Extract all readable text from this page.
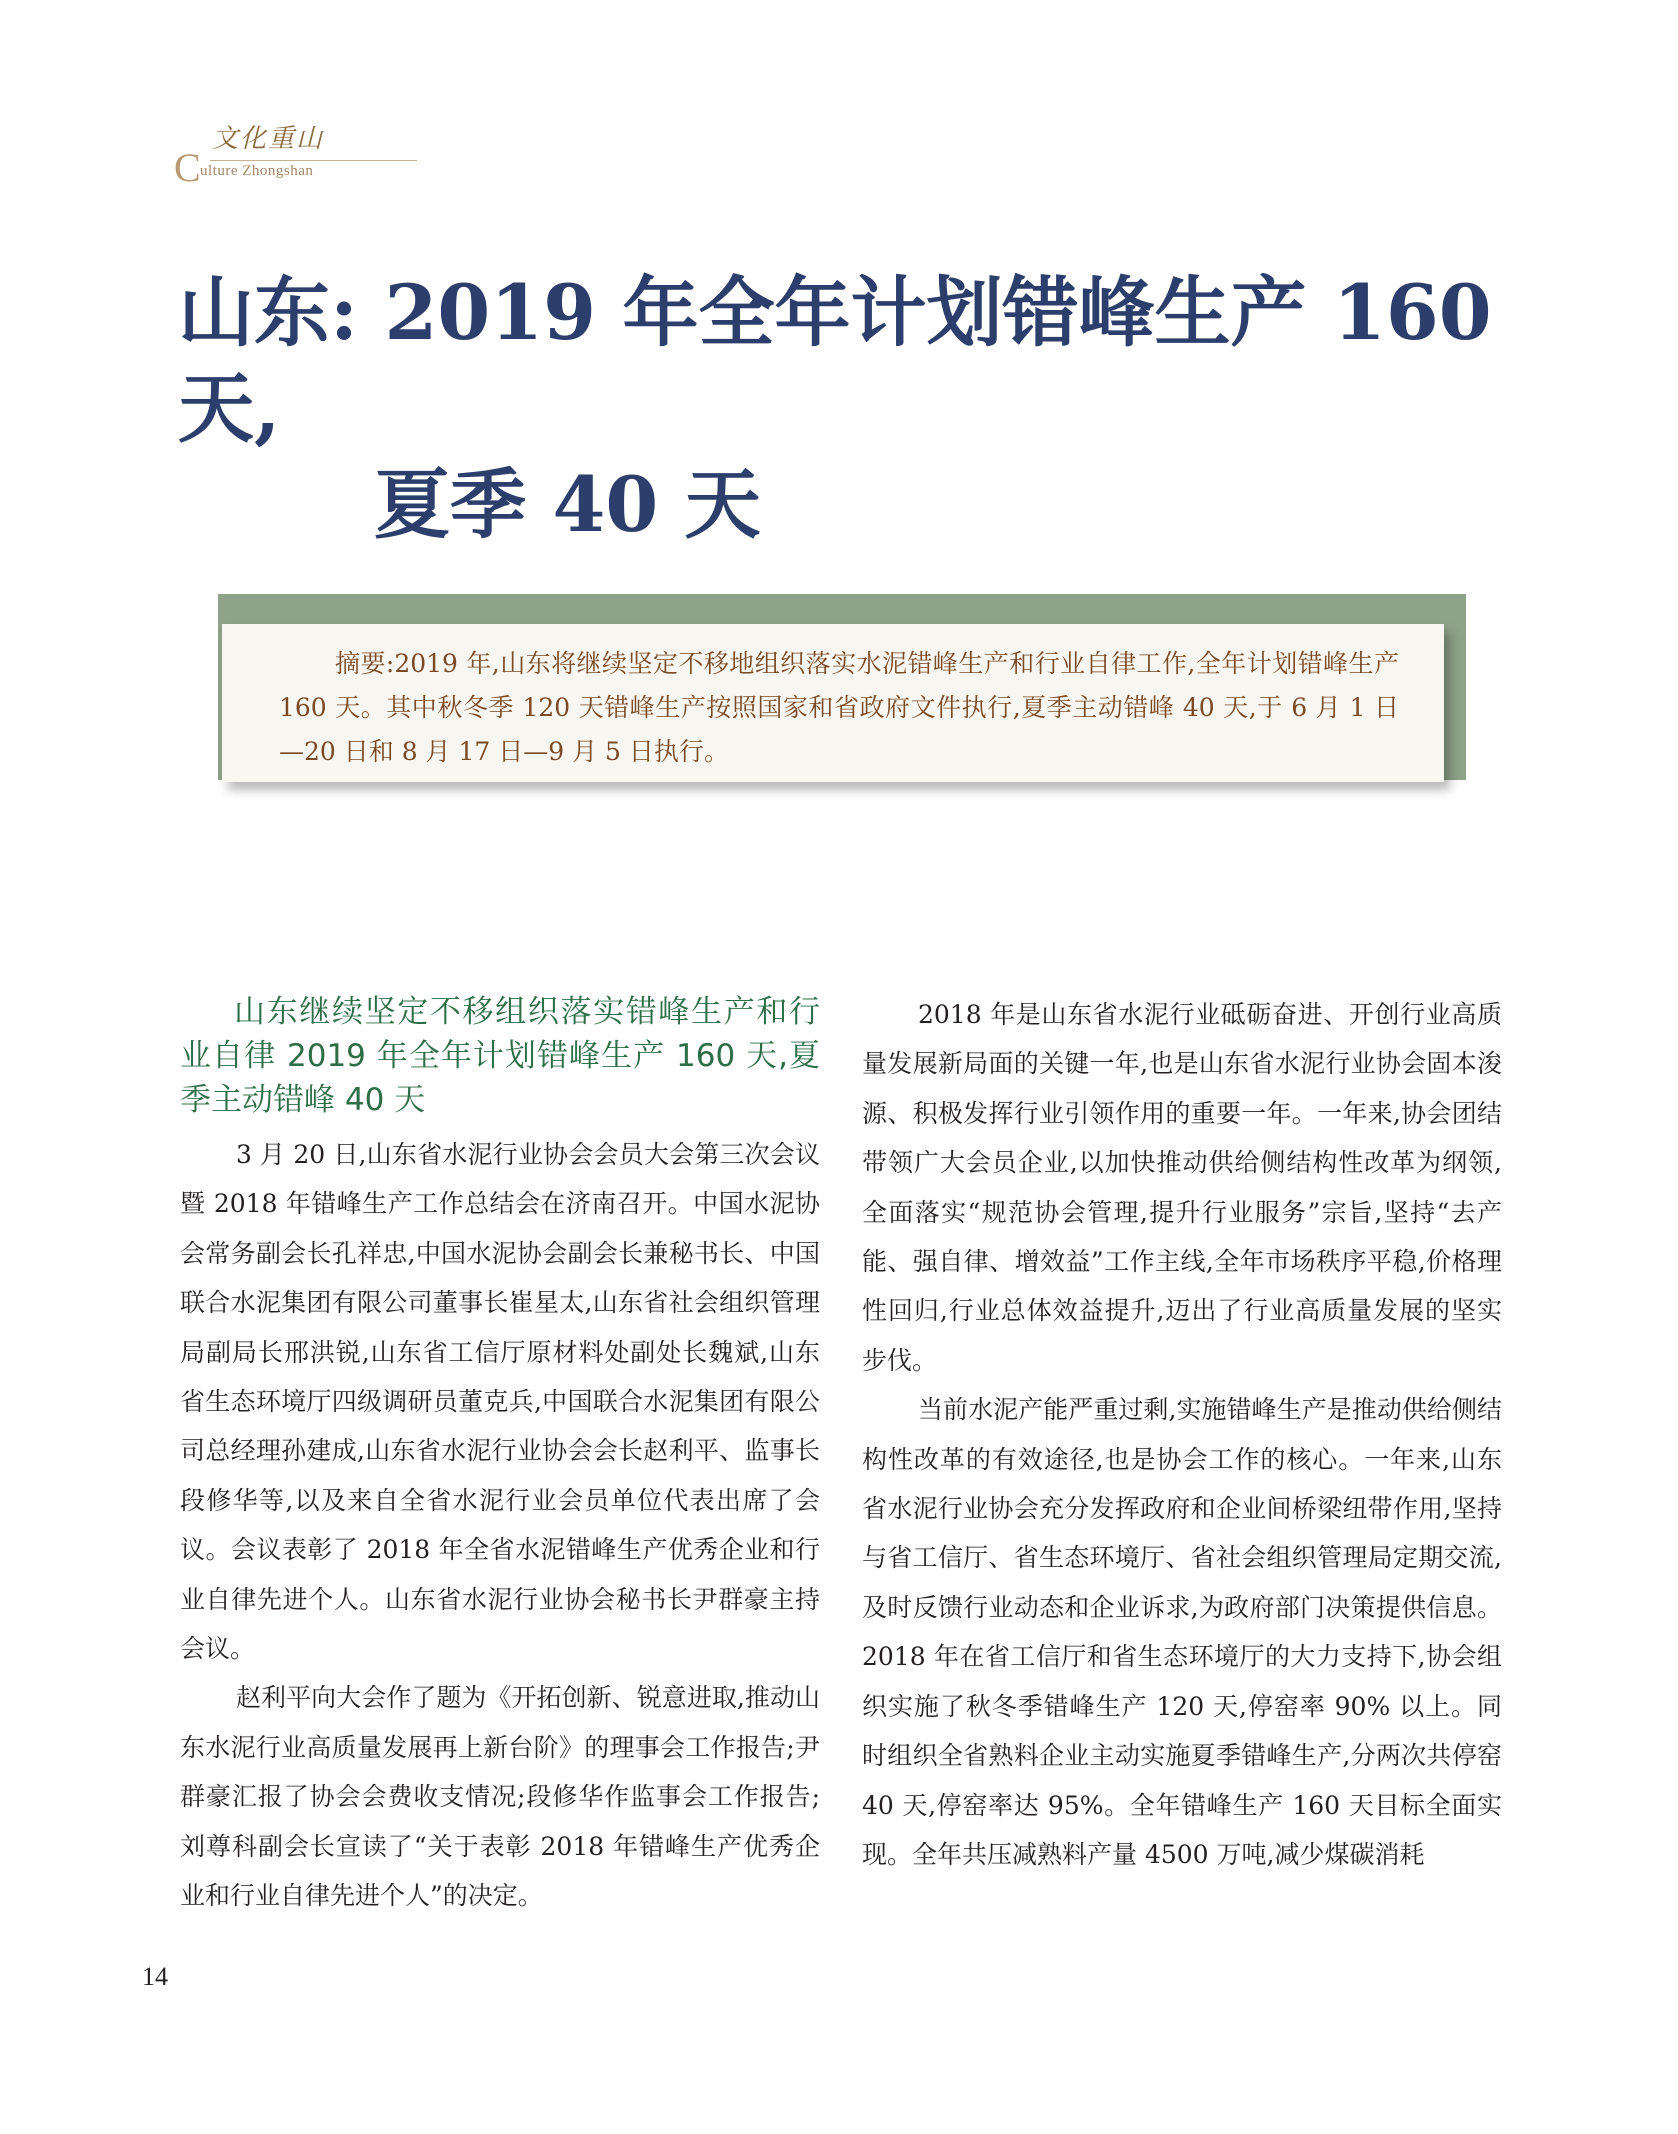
文化重山
C ulture Zhongshan
山东: 2019 年全年计划错峰生产 160 天,
夏季 40 天

摘要:2019 年,山东将继续坚定不移地组织落实水泥错峰生产和行业自律工作,全年计划错峰生产 160 天。其中秋冬季 120 天错峰生产按照国家和省政府文件执行,夏季主动错峰 40 天,于 6 月 1 日—20 日和 8 月 17 日—9 月 5 日执行。

山东继续坚定不移组织落实错峰生产和行业自律 2019 年全年计划错峰生产 160 天,夏季主动错峰 40 天

3 月 20 日,山东省水泥行业协会会员大会第三次会议暨 2018 年错峰生产工作总结会在济南召开。中国水泥协会常务副会长孔祥忠,中国水泥协会副会长兼秘书长、中国联合水泥集团有限公司董事长崔星太,山东省社会组织管理局副局长邢洪锐,山东省工信厅原材料处副处长魏斌,山东省生态环境厅四级调研员董克兵,中国联合水泥集团有限公司总经理孙建成,山东省水泥行业协会会长赵利平、监事长段修华等,以及来自全省水泥行业会员单位代表出席了会议。会议表彰了 2018 年全省水泥错峰生产优秀企业和行业自律先进个人。山东省水泥行业协会秘书长尹群豪主持会议。

赵利平向大会作了题为《开拓创新、锐意进取,推动山东水泥行业高质量发展再上新台阶》的理事会工作报告;尹群豪汇报了协会会费收支情况;段修华作监事会工作报告;刘尊科副会长宣读了“关于表彰 2018 年错峰生产优秀企业和行业自律先进个人”的决定。

2018 年是山东省水泥行业砥砺奋进、开创行业高质量发展新局面的关键一年,也是山东省水泥行业协会固本浚源、积极发挥行业引领作用的重要一年。一年来,协会团结带领广大会员企业,以加快推动供给侧结构性改革为纲领,全面落实“规范协会管理,提升行业服务”宗旨,坚持“去产能、强自律、增效益”工作主线,全年市场秩序平稳,价格理性回归,行业总体效益提升,迈出了行业高质量发展的坚实步伐。

当前水泥产能严重过剩,实施错峰生产是推动供给侧结构性改革的有效途径,也是协会工作的核心。一年来,山东省水泥行业协会充分发挥政府和企业间桥梁纽带作用,坚持与省工信厅、省生态环境厅、省社会组织管理局定期交流,及时反馈行业动态和企业诉求,为政府部门决策提供信息。2018 年在省工信厅和省生态环境厅的大力支持下,协会组织实施了秋冬季错峰生产 120 天,停窑率 90% 以上。同时组织全省熟料企业主动实施夏季错峰生产,分两次共停窑 40 天,停窑率达 95%。全年错峰生产 160 天目标全面实现。全年共压减熟料产量 4500 万吨,减少煤碳消耗

14
